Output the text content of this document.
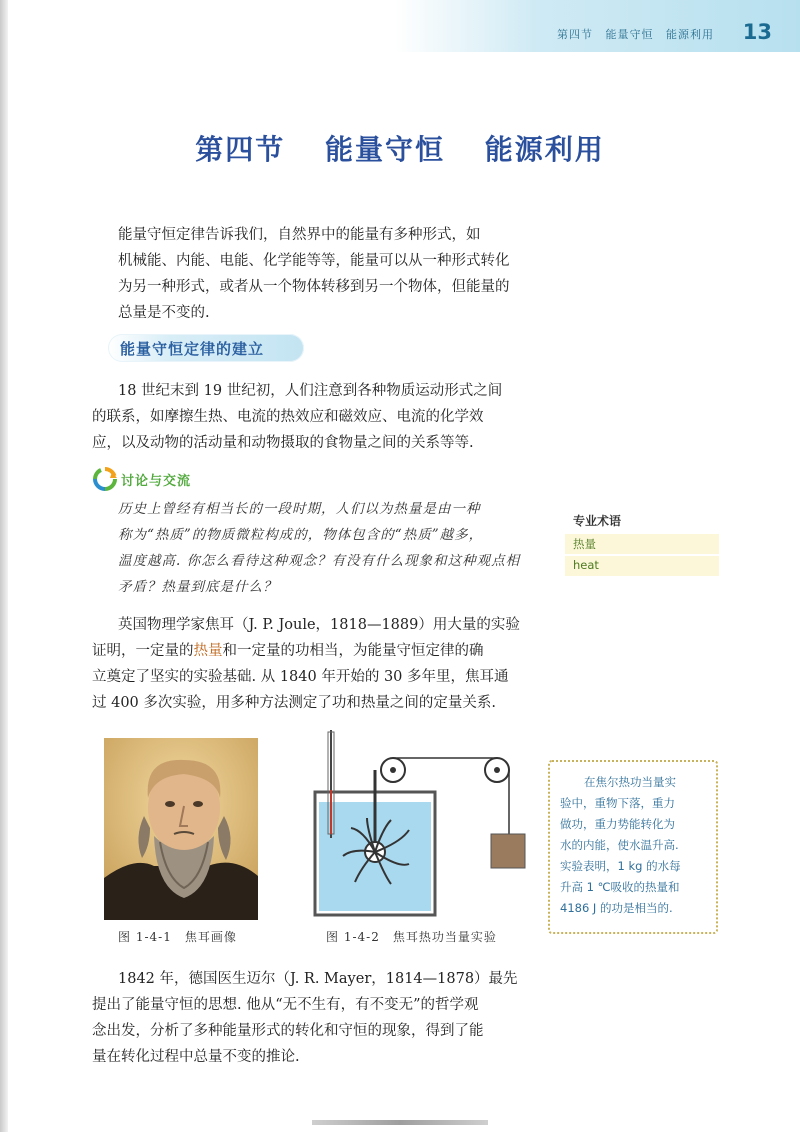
第四节 能量守恒 能源利用	13
第四节 能量守恒 能源利用
能量守恒定律告诉我们，自然界中的能量有多种形式，如
机械能、内能、电能、化学能等等，能量可以从一种形式转化
为另一种形式，或者从一个物体转移到另一个物体，但能量的
总量是不变的.
能量守恒定律的建立
18 世纪末到 19 世纪初，人们注意到各种物质运动形式之间
的联系，如摩擦生热、电流的热效应和磁效应、电流的化学效
应，以及动物的活动量和动物摄取的食物量之间的关系等等.
讨论与交流
历史上曾经有相当长的一段时期，人们以为热量是由一种
称为“热质”的物质微粒构成的，物体包含的“热质”越多，
温度越高. 你怎么看待这种观念？有没有什么现象和这种观点相
矛盾？热量到底是什么？
专业术语
热量
heat
英国物理学家焦耳（J. P. Joule，1818—1889）用大量的实验
证明，一定量的热量和一定量的功相当，为能量守恒定律的确
立奠定了坚实的实验基础. 从 1840 年开始的 30 多年里，焦耳通
过 400 多次实验，用多种方法测定了功和热量之间的定量关系.
图 1-4-1　焦耳画像	图 1-4-2　焦耳热功当量实验
在焦尔热功当量实
验中，重物下落，重力
做功，重力势能转化为
水的内能，使水温升高.
实验表明，1 kg 的水每
升高 1 ℃吸收的热量和
4186 J 的功是相当的.
1842 年，德国医生迈尔（J. R. Mayer，1814—1878）最先
提出了能量守恒的思想. 他从“无不生有，有不变无”的哲学观
念出发，分析了多种能量形式的转化和守恒的现象，得到了能
量在转化过程中总量不变的推论.
